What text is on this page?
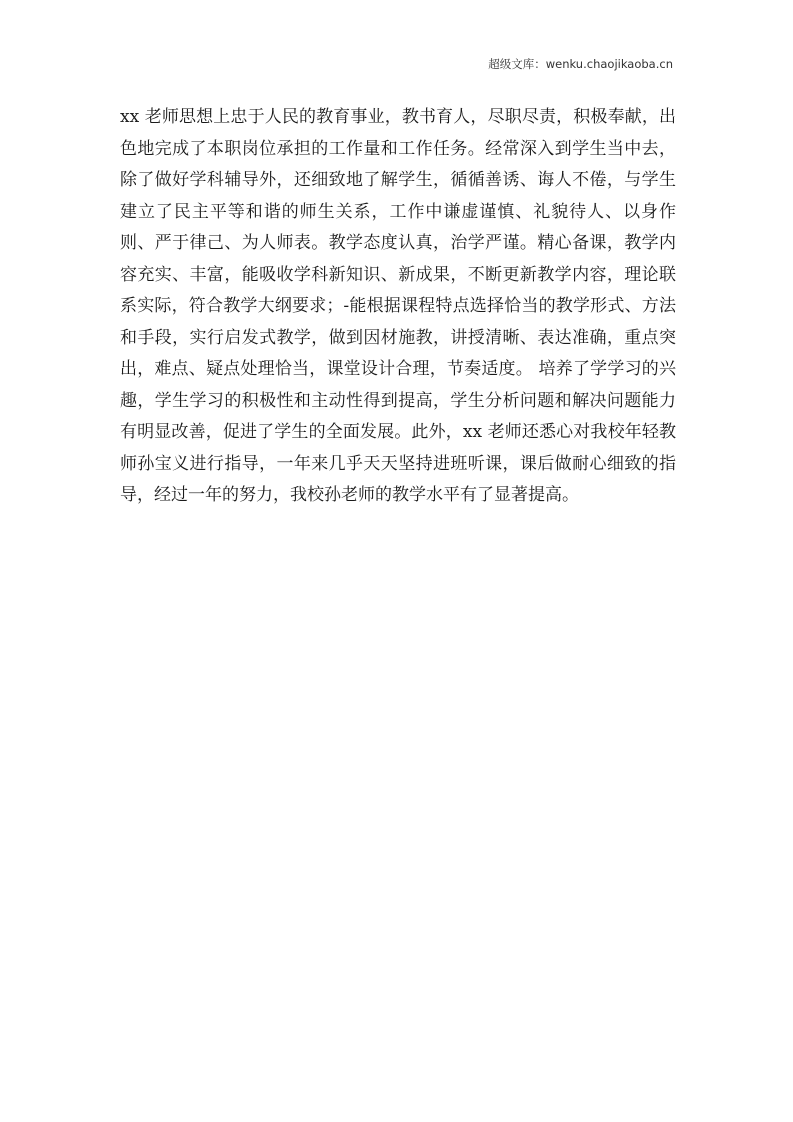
超级文库：wenku.chaojikaoba.cn

xx 老师思想上忠于人民的教育事业，教书育人，尽职尽责，积极奉献，出色地完成了本职岗位承担的工作量和工作任务。经常深入到学生当中去，除了做好学科辅导外，还细致地了解学生，循循善诱、诲人不倦，与学生建立了民主平等和谐的师生关系，工作中谦虚谨慎、礼貌待人、以身作则、严于律己、为人师表。教学态度认真，治学严谨。精心备课，教学内容充实、丰富，能吸收学科新知识、新成果，不断更新教学内容，理论联系实际，符合教学大纲要求；-能根据课程特点选择恰当的教学形式、方法和手段，实行启发式教学，做到因材施教，讲授清晰、表达准确，重点突出，难点、疑点处理恰当，课堂设计合理，节奏适度。 培养了学学习的兴趣，学生学习的积极性和主动性得到提高，学生分析问题和解决问题能力有明显改善，促进了学生的全面发展。此外，xx 老师还悉心对我校年轻教师孙宝义进行指导，一年来几乎天天坚持进班听课，课后做耐心细致的指导，经过一年的努力，我校孙老师的教学水平有了显著提高。
